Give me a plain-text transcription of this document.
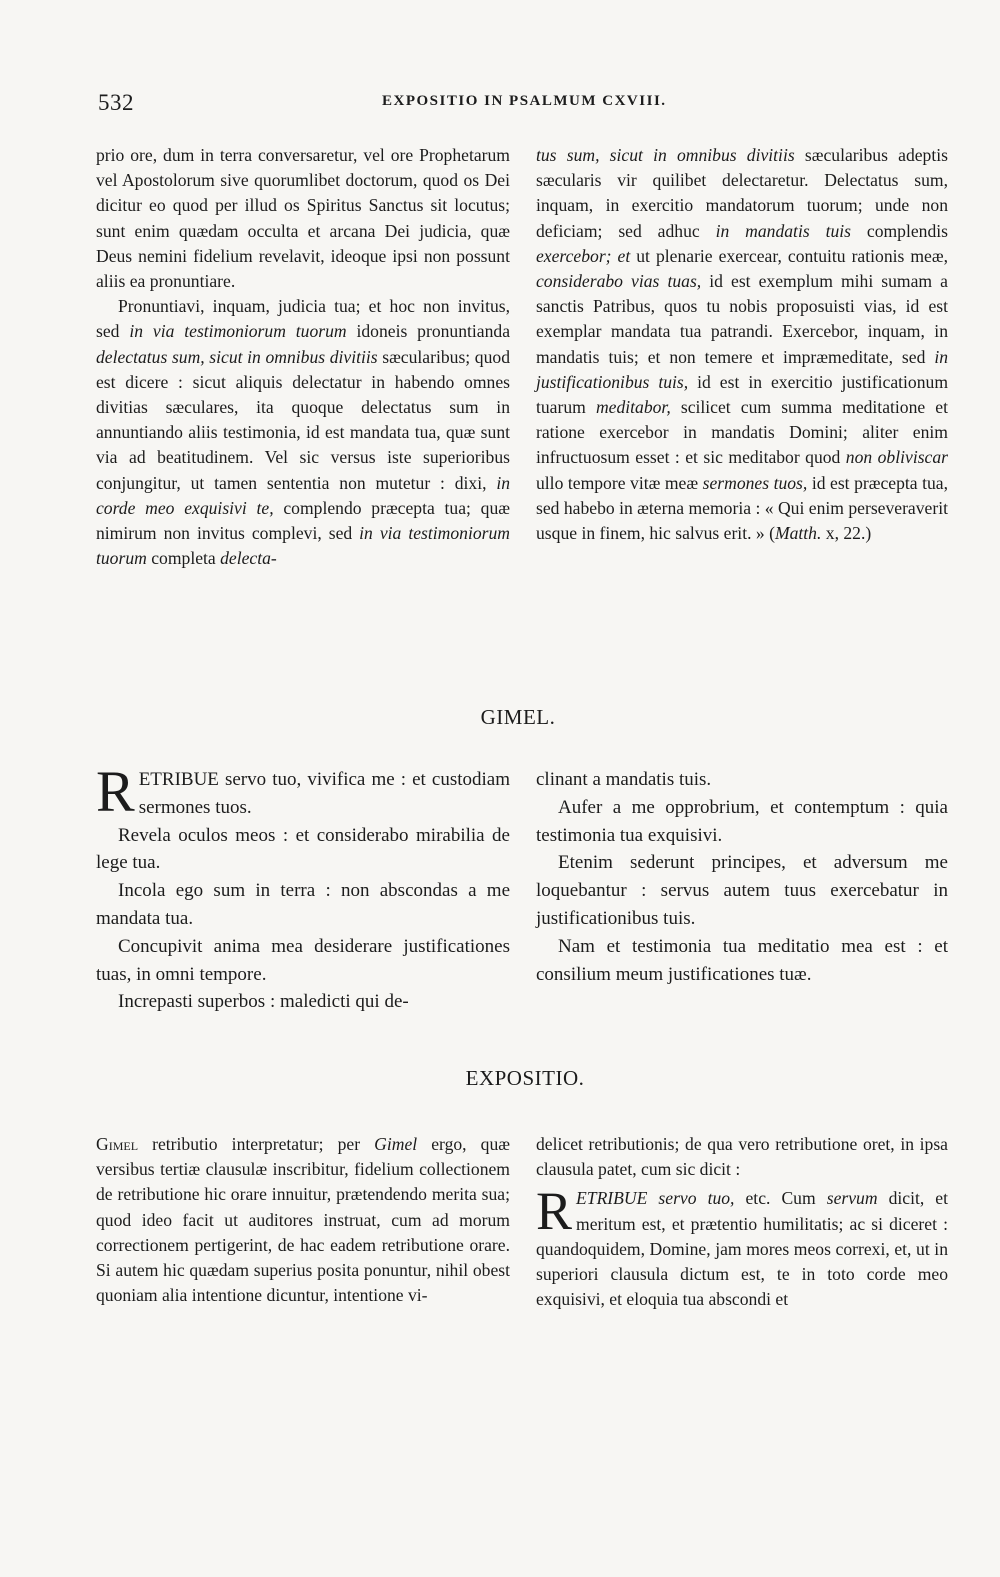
532	EXPOSITIO IN PSALMUM CXVIII.

prio ore, dum in terra conversaretur, vel ore Prophetarum vel Apostolorum sive quorumlibet doctorum, quod os Dei dicitur eo quod per illud os Spiritus Sanctus sit locutus; sunt enim quædam occulta et arcana Dei judicia, quæ Deus nemini fidelium revelavit, ideoque ipsi non possunt aliis ea pronuntiare.

Pronuntiavi, inquam, judicia tua; et hoc non invitus, sed in via testimoniorum tuorum idoneis pronuntianda delectatus sum, sicut in omnibus divitiis sæcularibus; quod est dicere : sicut aliquis delectatur in habendo omnes divitias sæculares, ita quoque delectatus sum in annuntiando aliis testimonia, id est mandata tua, quæ sunt via ad beatitudinem. Vel sic versus iste superioribus conjungitur, ut tamen sententia non mutetur : dixi, in corde meo exquisivi te, complendo præcepta tua; quæ nimirum non invitus complevi, sed in via testimoniorum tuorum completa delecta-

tus sum, sicut in omnibus divitiis sæcularibus adeptis sæcularis vir quilibet delectaretur. Delectatus sum, inquam, in exercitio mandatorum tuorum; unde non deficiam; sed adhuc in mandatis tuis complendis exercebor; et ut plenarie exercear, contuitu rationis meæ, considerabo vias tuas, id est exemplum mihi sumam a sanctis Patribus, quos tu nobis proposuisti vias, id est exemplar mandata tua patrandi. Exercebor, inquam, in mandatis tuis; et non temere et impræmeditate, sed in justificationibus tuis, id est in exercitio justificationum tuarum meditabor, scilicet cum summa meditatione et ratione exercebor in mandatis Domini; aliter enim infructuosum esset : et sic meditabor quod non obliviscar ullo tempore vitæ meæ sermones tuos, id est præcepta tua, sed habebo in æterna memoria : « Qui enim perseveraverit usque in finem, hic salvus erit. » (Matth. x, 22.)

GIMEL.

RETRIBUE servo tuo, vivifica me : et custodiam sermones tuos.

Revela oculos meos : et considerabo mirabilia de lege tua.

Incola ego sum in terra : non abscondas a me mandata tua.

Concupivit anima mea desiderare justificationes tuas, in omni tempore.

Increpasti superbos : maledicti qui de-

clinant a mandatis tuis.

Aufer a me opprobrium, et contemptum : quia testimonia tua exquisivi.

Etenim sederunt principes, et adversum me loquebantur : servus autem tuus exercebatur in justificationibus tuis.

Nam et testimonia tua meditatio mea est : et consilium meum justificationes tuæ.

EXPOSITIO.

Gimel retributio interpretatur; per Gimel ergo, quæ versibus tertiæ clausulæ inscribitur, fidelium collectionem de retributione hic orare innuitur, prætendendo merita sua; quod ideo facit ut auditores instruat, cum ad morum correctionem pertigerint, de hac eadem retributione orare. Si autem hic quædam superius posita ponuntur, nihil obest quoniam alia intentione dicuntur, intentione vi-

delicet retributionis; de qua vero retributione oret, in ipsa clausula patet, cum sic dicit :

RETRIBUE servo tuo, etc. Cum servum dicit, et meritum est, et prætentio humilitatis; ac si diceret : quandoquidem, Domine, jam mores meos correxi, et, ut in superiori clausula dictum est, te in toto corde meo exquisivi, et eloquia tua abscondi et
